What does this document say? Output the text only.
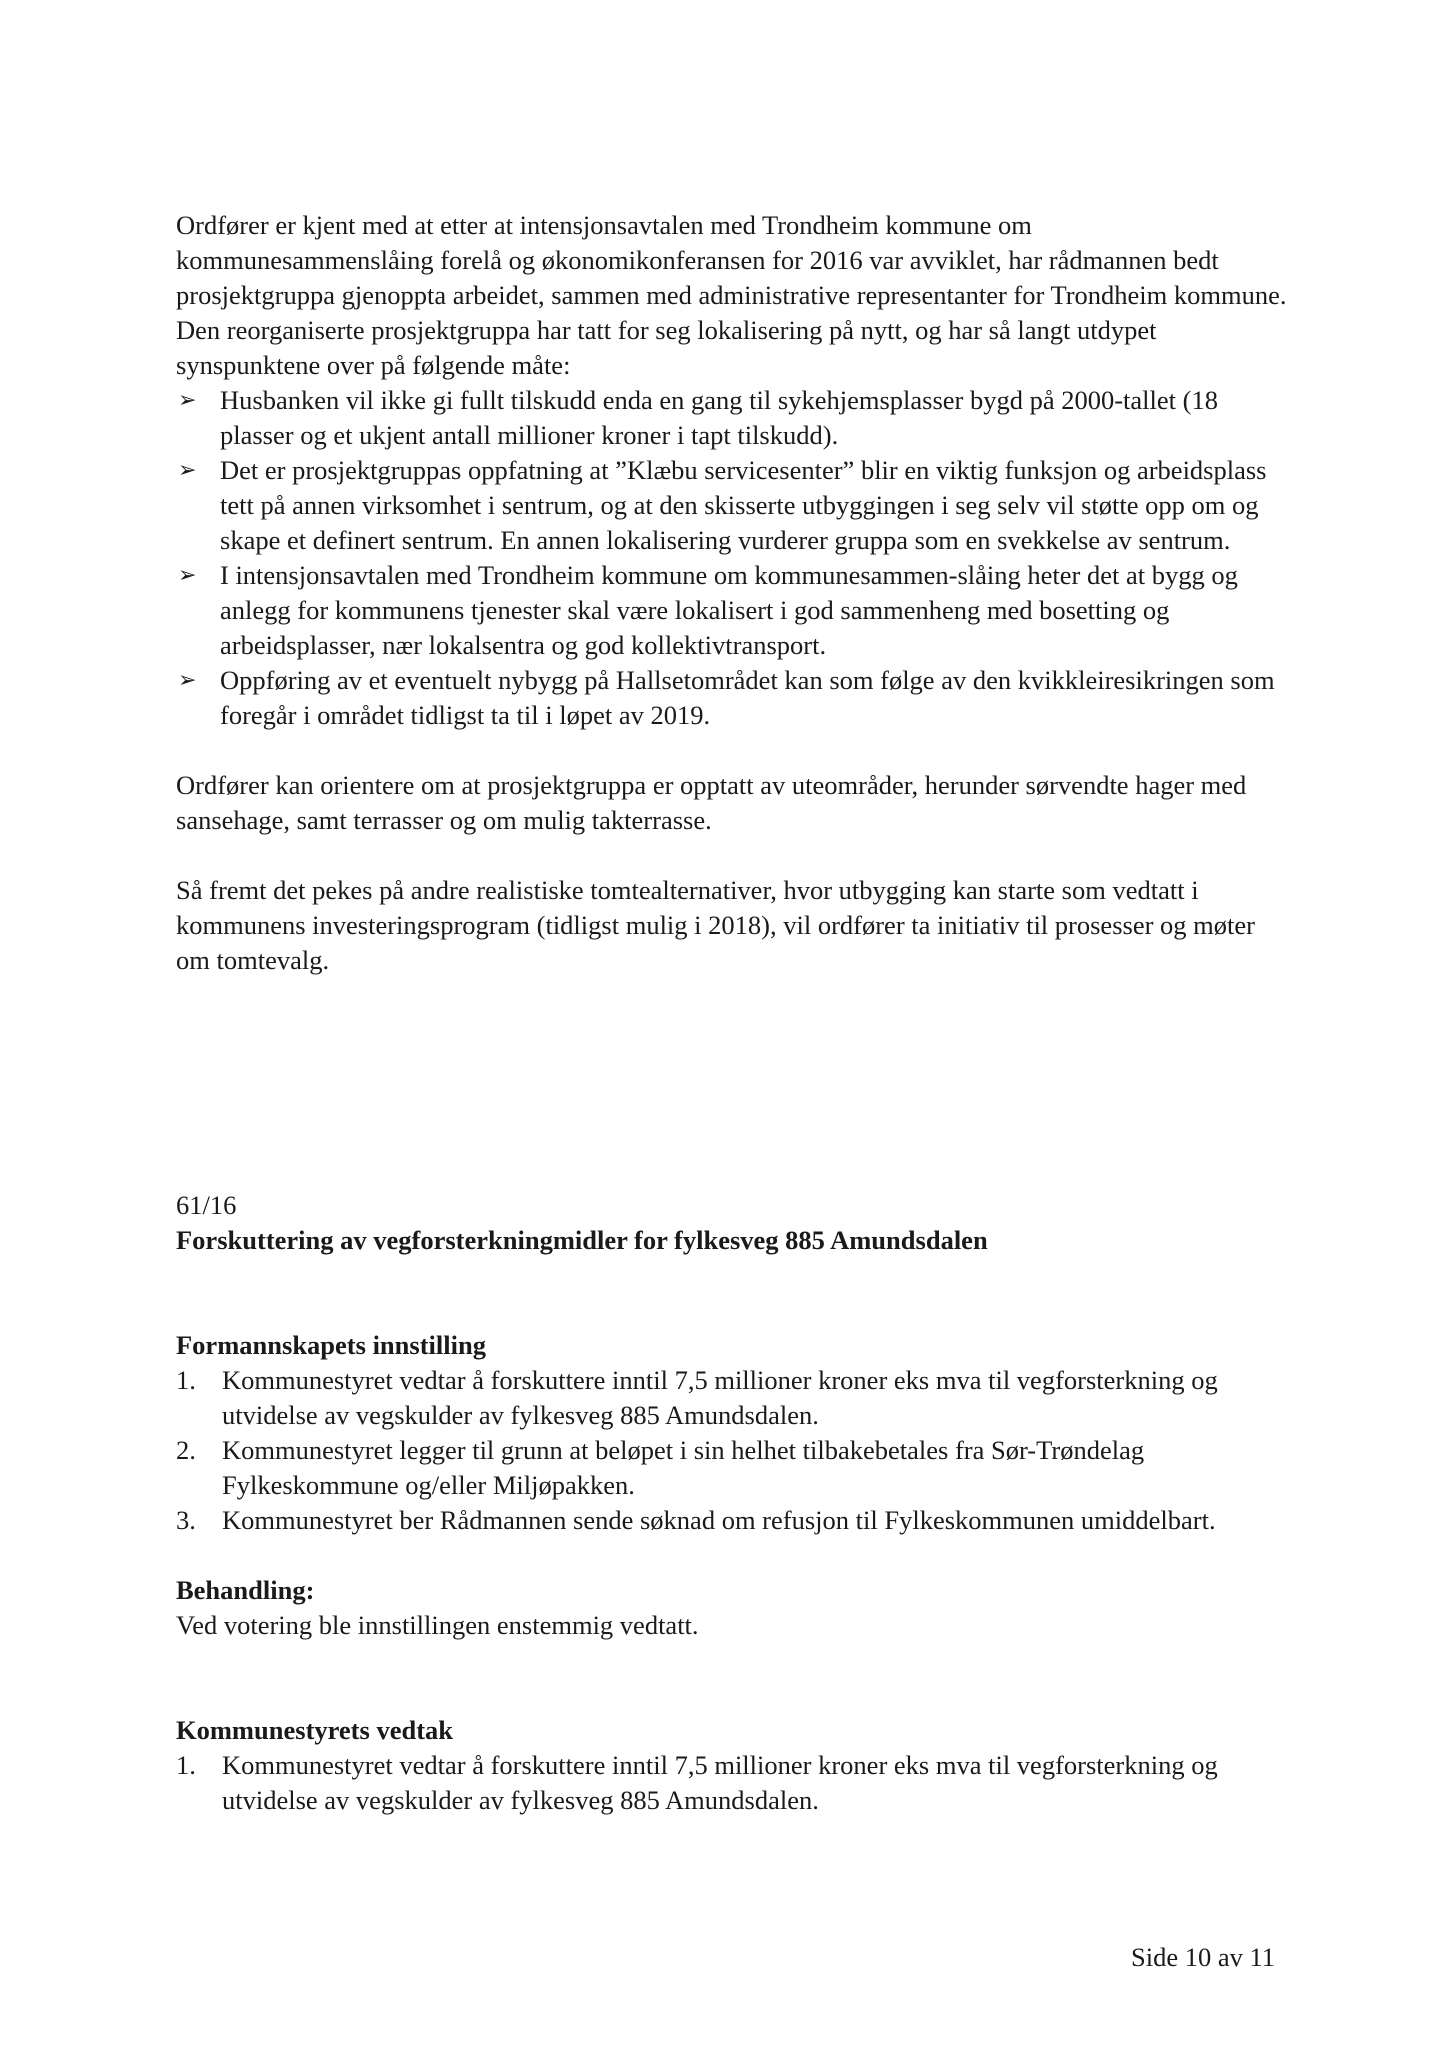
Ordfører er kjent med at etter at intensjonsavtalen med Trondheim kommune om kommunesammenslåing forelå og økonomikonferansen for 2016 var avviklet, har rådmannen bedt prosjektgruppa gjenoppta arbeidet, sammen med administrative representanter for Trondheim kommune. Den reorganiserte prosjektgruppa har tatt for seg lokalisering på nytt, og har så langt utdypet synspunktene over på følgende måte:

➢ Husbanken vil ikke gi fullt tilskudd enda en gang til sykehjemsplasser bygd på 2000-tallet (18 plasser og et ukjent antall millioner kroner i tapt tilskudd).
➢ Det er prosjektgruppas oppfatning at ”Klæbu servicesenter” blir en viktig funksjon og arbeidsplass tett på annen virksomhet i sentrum, og at den skisserte utbyggingen i seg selv vil støtte opp om og skape et definert sentrum. En annen lokalisering vurderer gruppa som en svekkelse av sentrum.
➢ I intensjonsavtalen med Trondheim kommune om kommunesammen-slåing heter det at bygg og anlegg for kommunens tjenester skal være lokalisert i god sammenheng med bosetting og arbeidsplasser, nær lokalsentra og god kollektivtransport.
➢ Oppføring av et eventuelt nybygg på Hallsetområdet kan som følge av den kvikkleiresikringen som foregår i området tidligst ta til i løpet av 2019.

Ordfører kan orientere om at prosjektgruppa er opptatt av uteområder, herunder sørvendte hager med sansehage, samt terrasser og om mulig takterrasse.

Så fremt det pekes på andre realistiske tomtealternativer, hvor utbygging kan starte som vedtatt i kommunens investeringsprogram (tidligst mulig i 2018), vil ordfører ta initiativ til prosesser og møter om tomtevalg.

61/16

Forskuttering av vegforsterkningmidler for fylkesveg 885 Amundsdalen

Formannskapets innstilling

1. Kommunestyret vedtar å forskuttere inntil 7,5 millioner kroner eks mva til vegforsterkning og utvidelse av vegskulder av fylkesveg 885 Amundsdalen.
2. Kommunestyret legger til grunn at beløpet i sin helhet tilbakebetales fra Sør-Trøndelag Fylkeskommune og/eller Miljøpakken.
3. Kommunestyret ber Rådmannen sende søknad om refusjon til Fylkeskommunen umiddelbart.

Behandling:

Ved votering ble innstillingen enstemmig vedtatt.

Kommunestyrets vedtak

1. Kommunestyret vedtar å forskuttere inntil 7,5 millioner kroner eks mva til vegforsterkning og utvidelse av vegskulder av fylkesveg 885 Amundsdalen.
Side 10 av 11
